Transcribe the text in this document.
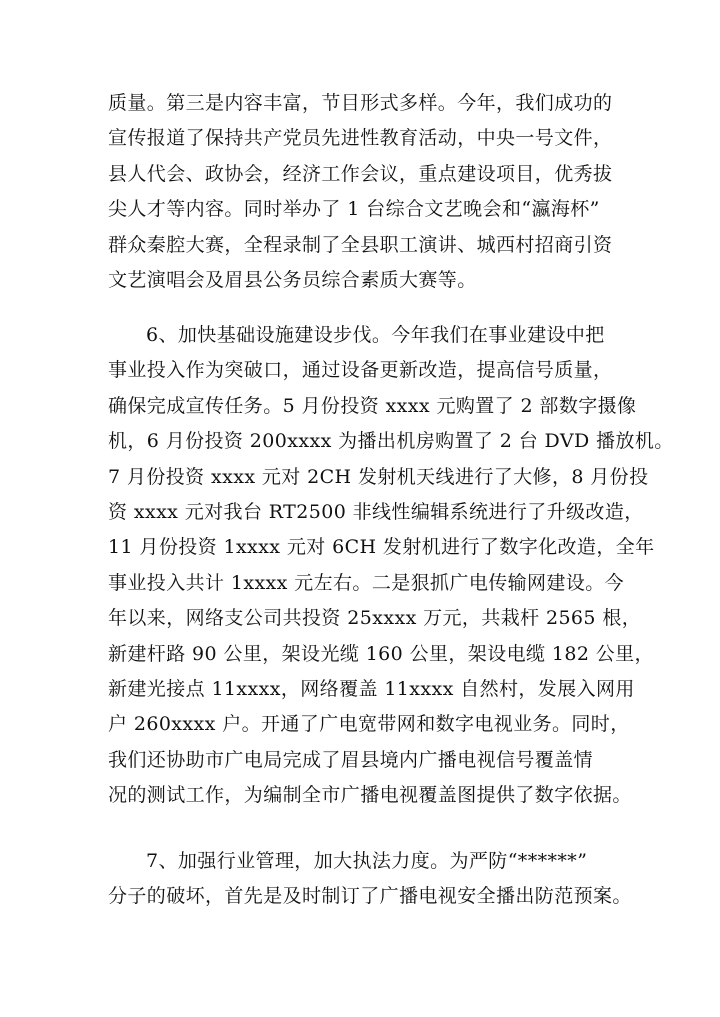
质量。第三是内容丰富，节目形式多样。今年，我们成功的
宣传报道了保持共产党员先进性教育活动，中央一号文件，
县人代会、政协会，经济工作会议，重点建设项目，优秀拔
尖人才等内容。同时举办了 1 台综合文艺晚会和“瀛海杯”
群众秦腔大赛，全程录制了全县职工演讲、城西村招商引资
文艺演唱会及眉县公务员综合素质大赛等。
6、加快基础设施建设步伐。今年我们在事业建设中把
事业投入作为突破口，通过设备更新改造，提高信号质量，
确保完成宣传任务。5 月份投资 xxxx 元购置了 2 部数字摄像
机，6 月份投资 200xxxx 为播出机房购置了 2 台 DVD 播放机。
7 月份投资 xxxx 元对 2CH 发射机天线进行了大修，8 月份投
资 xxxx 元对我台 RT2500 非线性编辑系统进行了升级改造，
11 月份投资 1xxxx 元对 6CH 发射机进行了数字化改造，全年
事业投入共计 1xxxx 元左右。二是狠抓广电传输网建设。今
年以来，网络支公司共投资 25xxxx 万元，共栽杆 2565 根，
新建杆路 90 公里，架设光缆 160 公里，架设电缆 182 公里，
新建光接点 11xxxx，网络覆盖 11xxxx 自然村，发展入网用
户 260xxxx 户。开通了广电宽带网和数字电视业务。同时，
我们还协助市广电局完成了眉县境内广播电视信号覆盖情
况的测试工作，为编制全市广播电视覆盖图提供了数字依据。
7、加强行业管理，加大执法力度。为严防“******”
分子的破坏，首先是及时制订了广播电视安全播出防范预案。
